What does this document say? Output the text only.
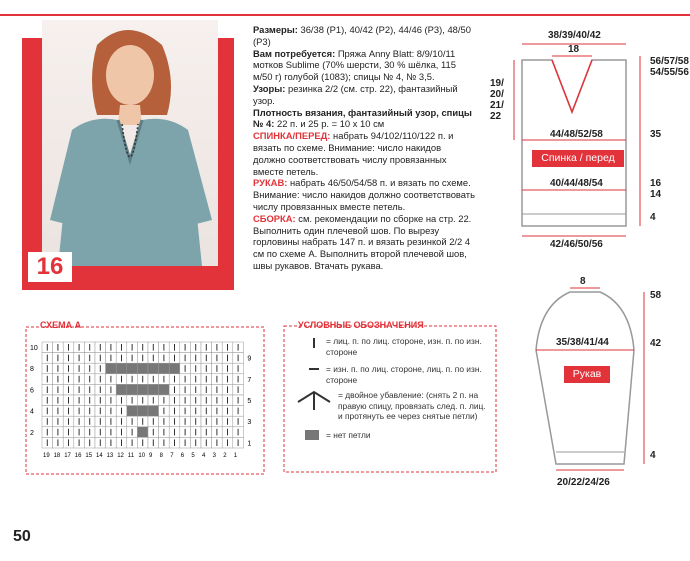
16

Размеры: 36/38 (Р1), 40/42 (Р2), 44/46 (Р3), 48/50 (Р3)

Вам потребуется: Пряжа Anny Blatt: 8/9/10/11 мотков Sublime (70% шерсти, 30 % шёлка, 115 м/50 г) голубой (1083); спицы № 4, № 3,5.

Узоры: резинка 2/2 (см. стр. 22), фантазийный узор.

Плотность вязания, фантазийный узор, спицы № 4: 22 п. и 25 р. = 10 x 10 см

СПИНКА/ПЕРЕД: набрать 94/102/110/122 п. и вязать по схеме. Внимание: число накидов должно соответствовать числу провязанных вместе петель.

РУКАВ: набрать 46/50/54/58 п. и вязать по схеме. Внимание: число накидов должно соответствовать числу провязанных вместе петель.

СБОРКА: см. рекомендации по сборке на стр. 22. Выполнить один плечевой шов. По вырезу горловины набрать 147 п. и вязать резинкой 2/2 4 см по схеме А. Выполнить второй плечевой шов, швы рукавов. Втачать рукава.

38/39/40/42
18
44/48/52/58
40/44/48/54
42/46/50/56
19/
20/
21/
22
56/57/58
54/55/56
35
16
14
4
Спинка / перед
8
35/38/41/44
20/22/24/26
58
42
4
Рукав
СХЕМА А
10
8
6
4
2
9
7
5
3
1
19 18 17 16 15 14 13 12 11 10 9 8 7 6 5 4 3 2 1
УСЛОВНЫЕ ОБОЗНАЧЕНИЯ
= лиц. п. по лиц. стороне, изн. п. по изн. стороне
= изн. п. по лиц. стороне, лиц. п. по изн. стороне
= двойное убавление: (снять 2 п. на правую спицу, провязать след. п. лиц. и протянуть ее через снятые петли)
= нет петли
50
